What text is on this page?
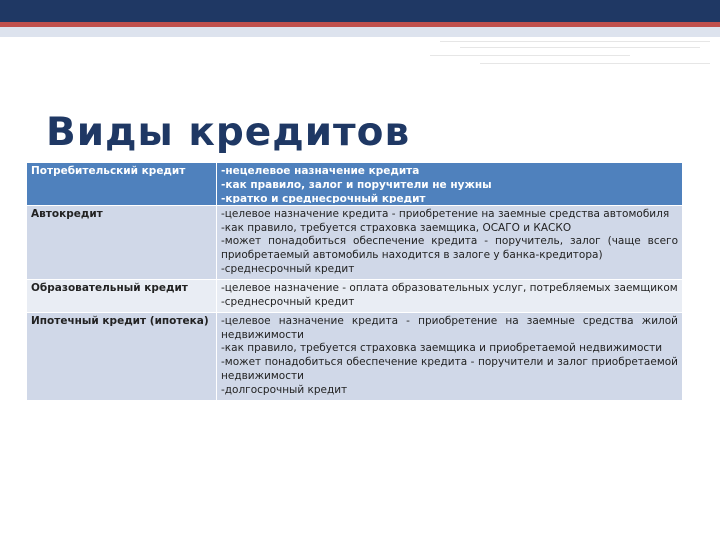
Виды кредитов
Потребительский кредит	-нецелевое назначение кредита
-как правило, залог и поручители не нужны
-кратко и среднесрочный кредит

Автокредит	-целевое назначение кредита - приобретение на заемные средства автомобиля
-как правило, требуется страховка заемщика, ОСАГО и КАСКО
-может понадобиться обеспечение кредита - поручитель, залог (чаще всего приобретаемый автомобиль находится в залоге у банка-кредитора)
-среднесрочный кредит

Образовательный кредит	-целевое назначение - оплата образовательных услуг, потребляемых заемщиком
-среднесрочный кредит

Ипотечный кредит (ипотека)	-целевое назначение кредита - приобретение на заемные средства жилой недвижимости
-как правило, требуется страховка заемщика и приобретаемой недвижимости
-может понадобиться обеспечение кредита - поручители и залог приобретаемой недвижимости
-долгосрочный кредит
